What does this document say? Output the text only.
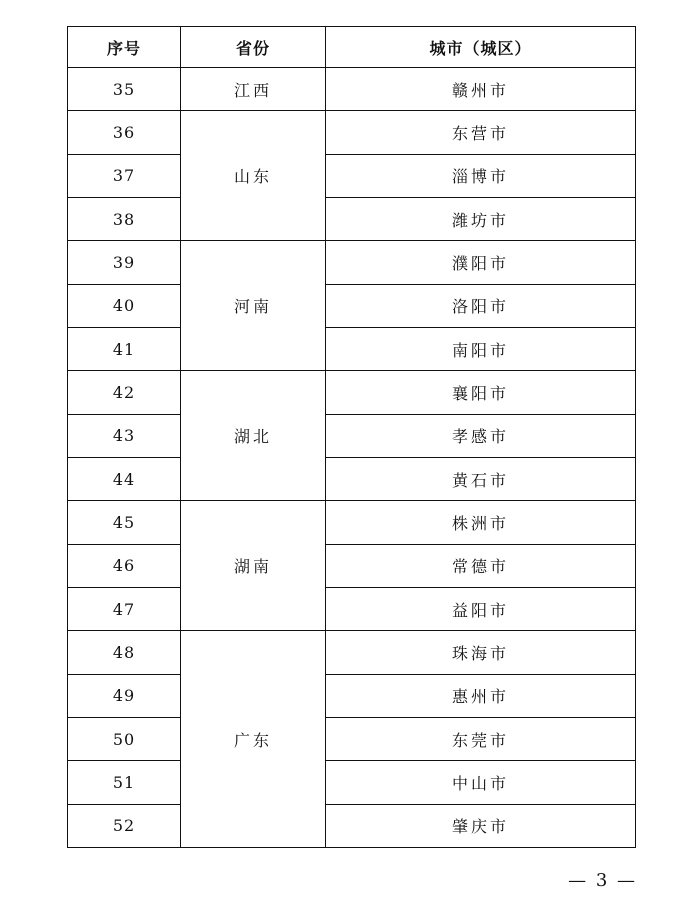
序号	省份	城市（城区）
35	江西	赣州市
36	山东	东营市
37		淄博市
38		潍坊市
39	河南	濮阳市
40		洛阳市
41		南阳市
42	湖北	襄阳市
43		孝感市
44		黄石市
45	湖南	株洲市
46		常德市
47		益阳市
48	广东	珠海市
49		惠州市
50		东莞市
51		中山市
52		肇庆市
— 3 —
